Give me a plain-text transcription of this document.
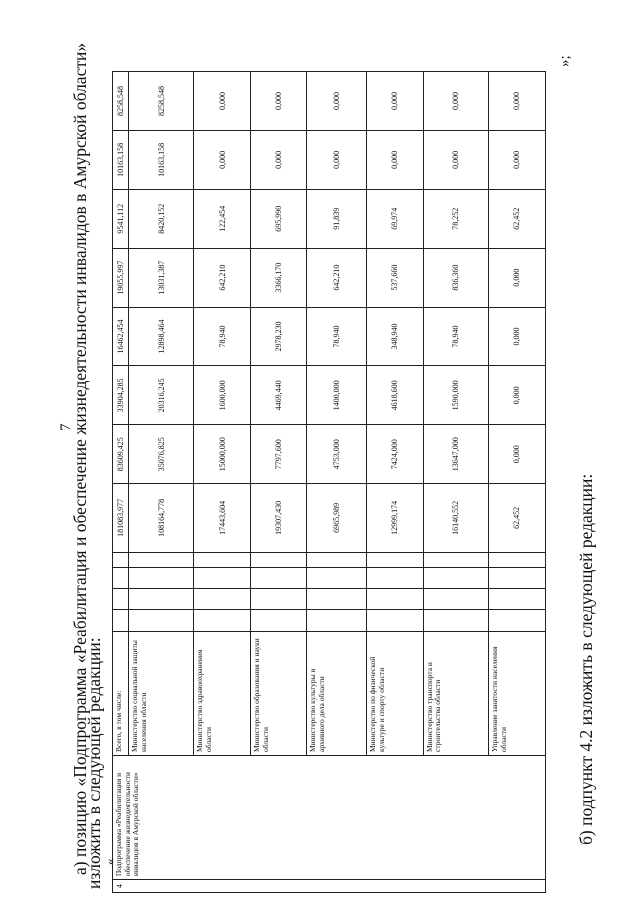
7
а) позицию «Подпрограмма «Реабилитация и обеспечение жизнедеятельности инвалидов в Амурской области»
изложить в следующей редакции:
«
4	Подпрограмма «Реабилитация и обеспечение жизнедеятельности инвалидов в Амурской области»	Всего, в том числе:					181083,977	83609,425	33904,285	16462,454	19055,997	9541,112	10163,158	8258,548
		Министерство социальной защиты населения области					108164,778	35076,825	20316,245	12898,464	13031,387	8420,152	10163,158	8258,548
		Министерство здравоохранения области					17443,604	15000,000	1600,000	78,940	642,210	122,454	0,000	0,000
		Министерство образования и науки области					19307,430	7797,600	4469,440	2978,230	3366,170	695,990	0,000	0,000
		Министерство культуры и архивного дела области					6965,989	4753,000	1400,000	78,940	642,210	91,839	0,000	0,000
		Министерство по физической культуре и спорту области					12999,174	7424,000	4618,600	348,940	537,660	69,974	0,000	0,000
		Министерство транспорта и строительства области					16140,552	13647,000	1590,000	78,940	836,360	78,252	0,000	0,000
		Управление занятости населения области					62,452	0,000	0,000	0,000	0,000	62,452	0,000	0,000
»;
б) подпункт 4.2 изложить в следующей редакции:
